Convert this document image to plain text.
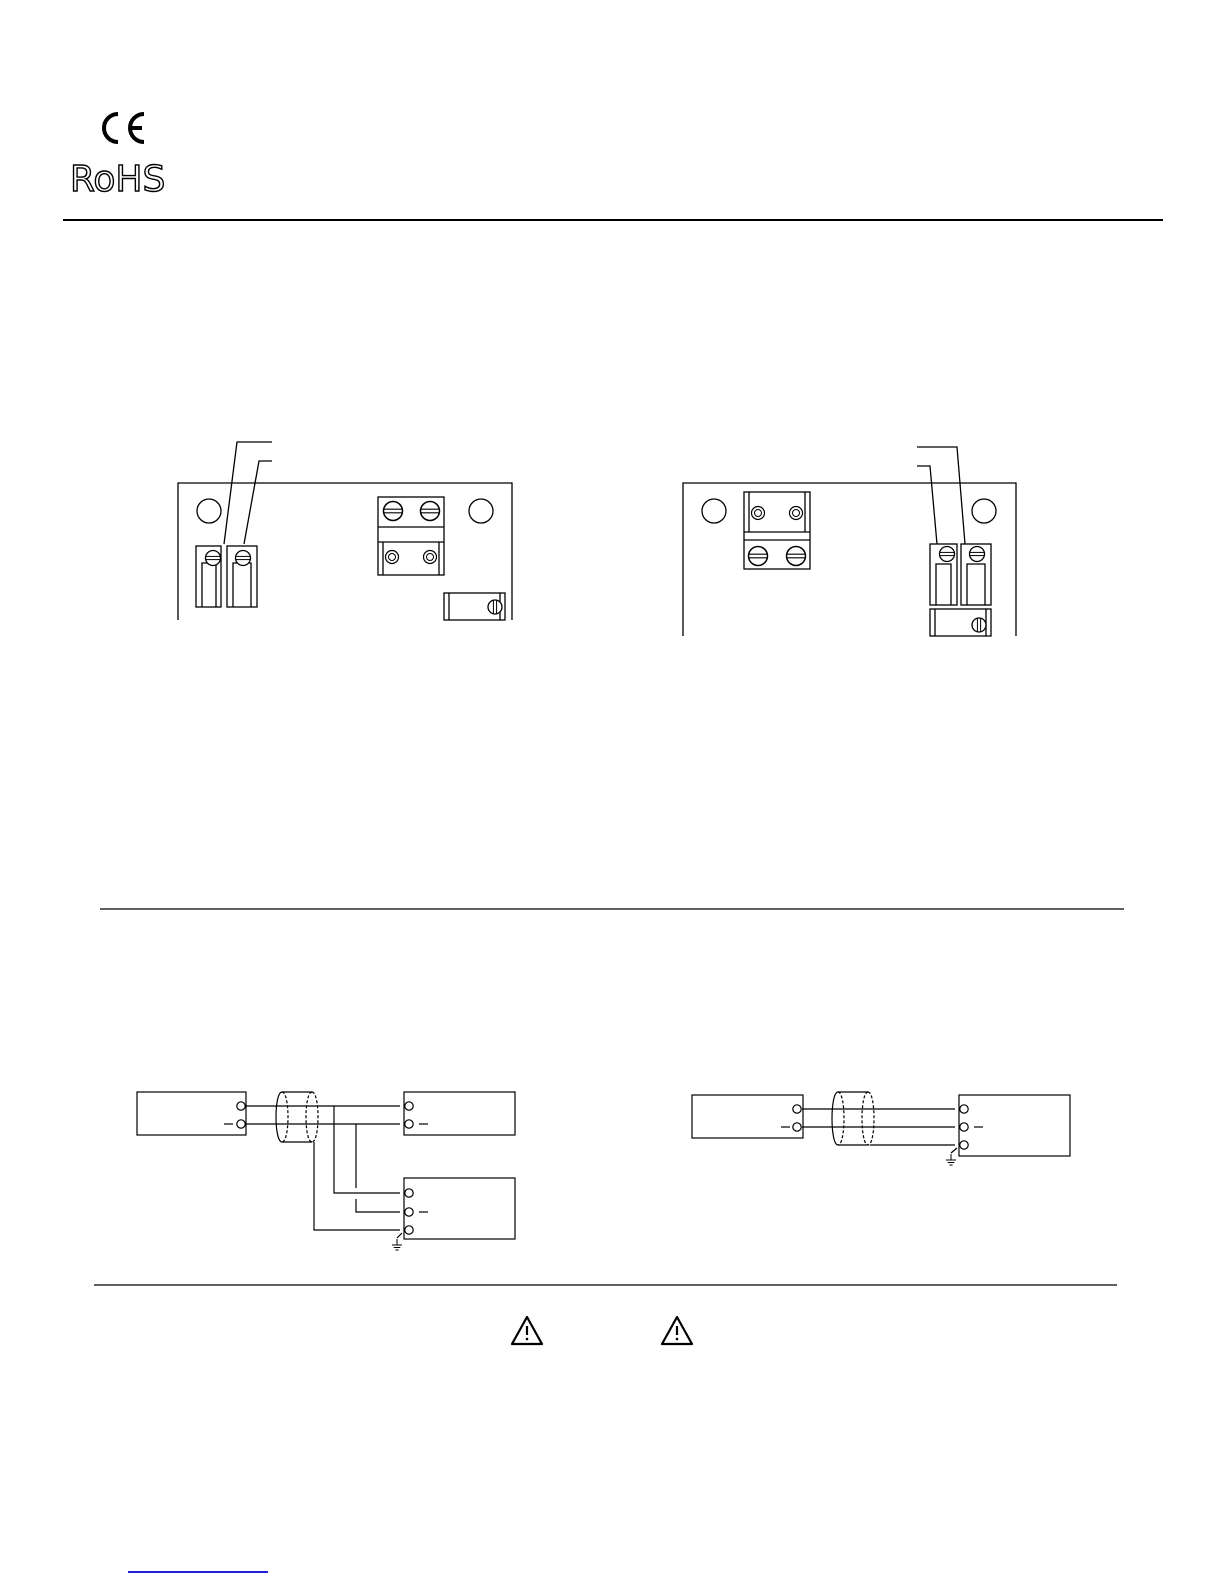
RoHS
